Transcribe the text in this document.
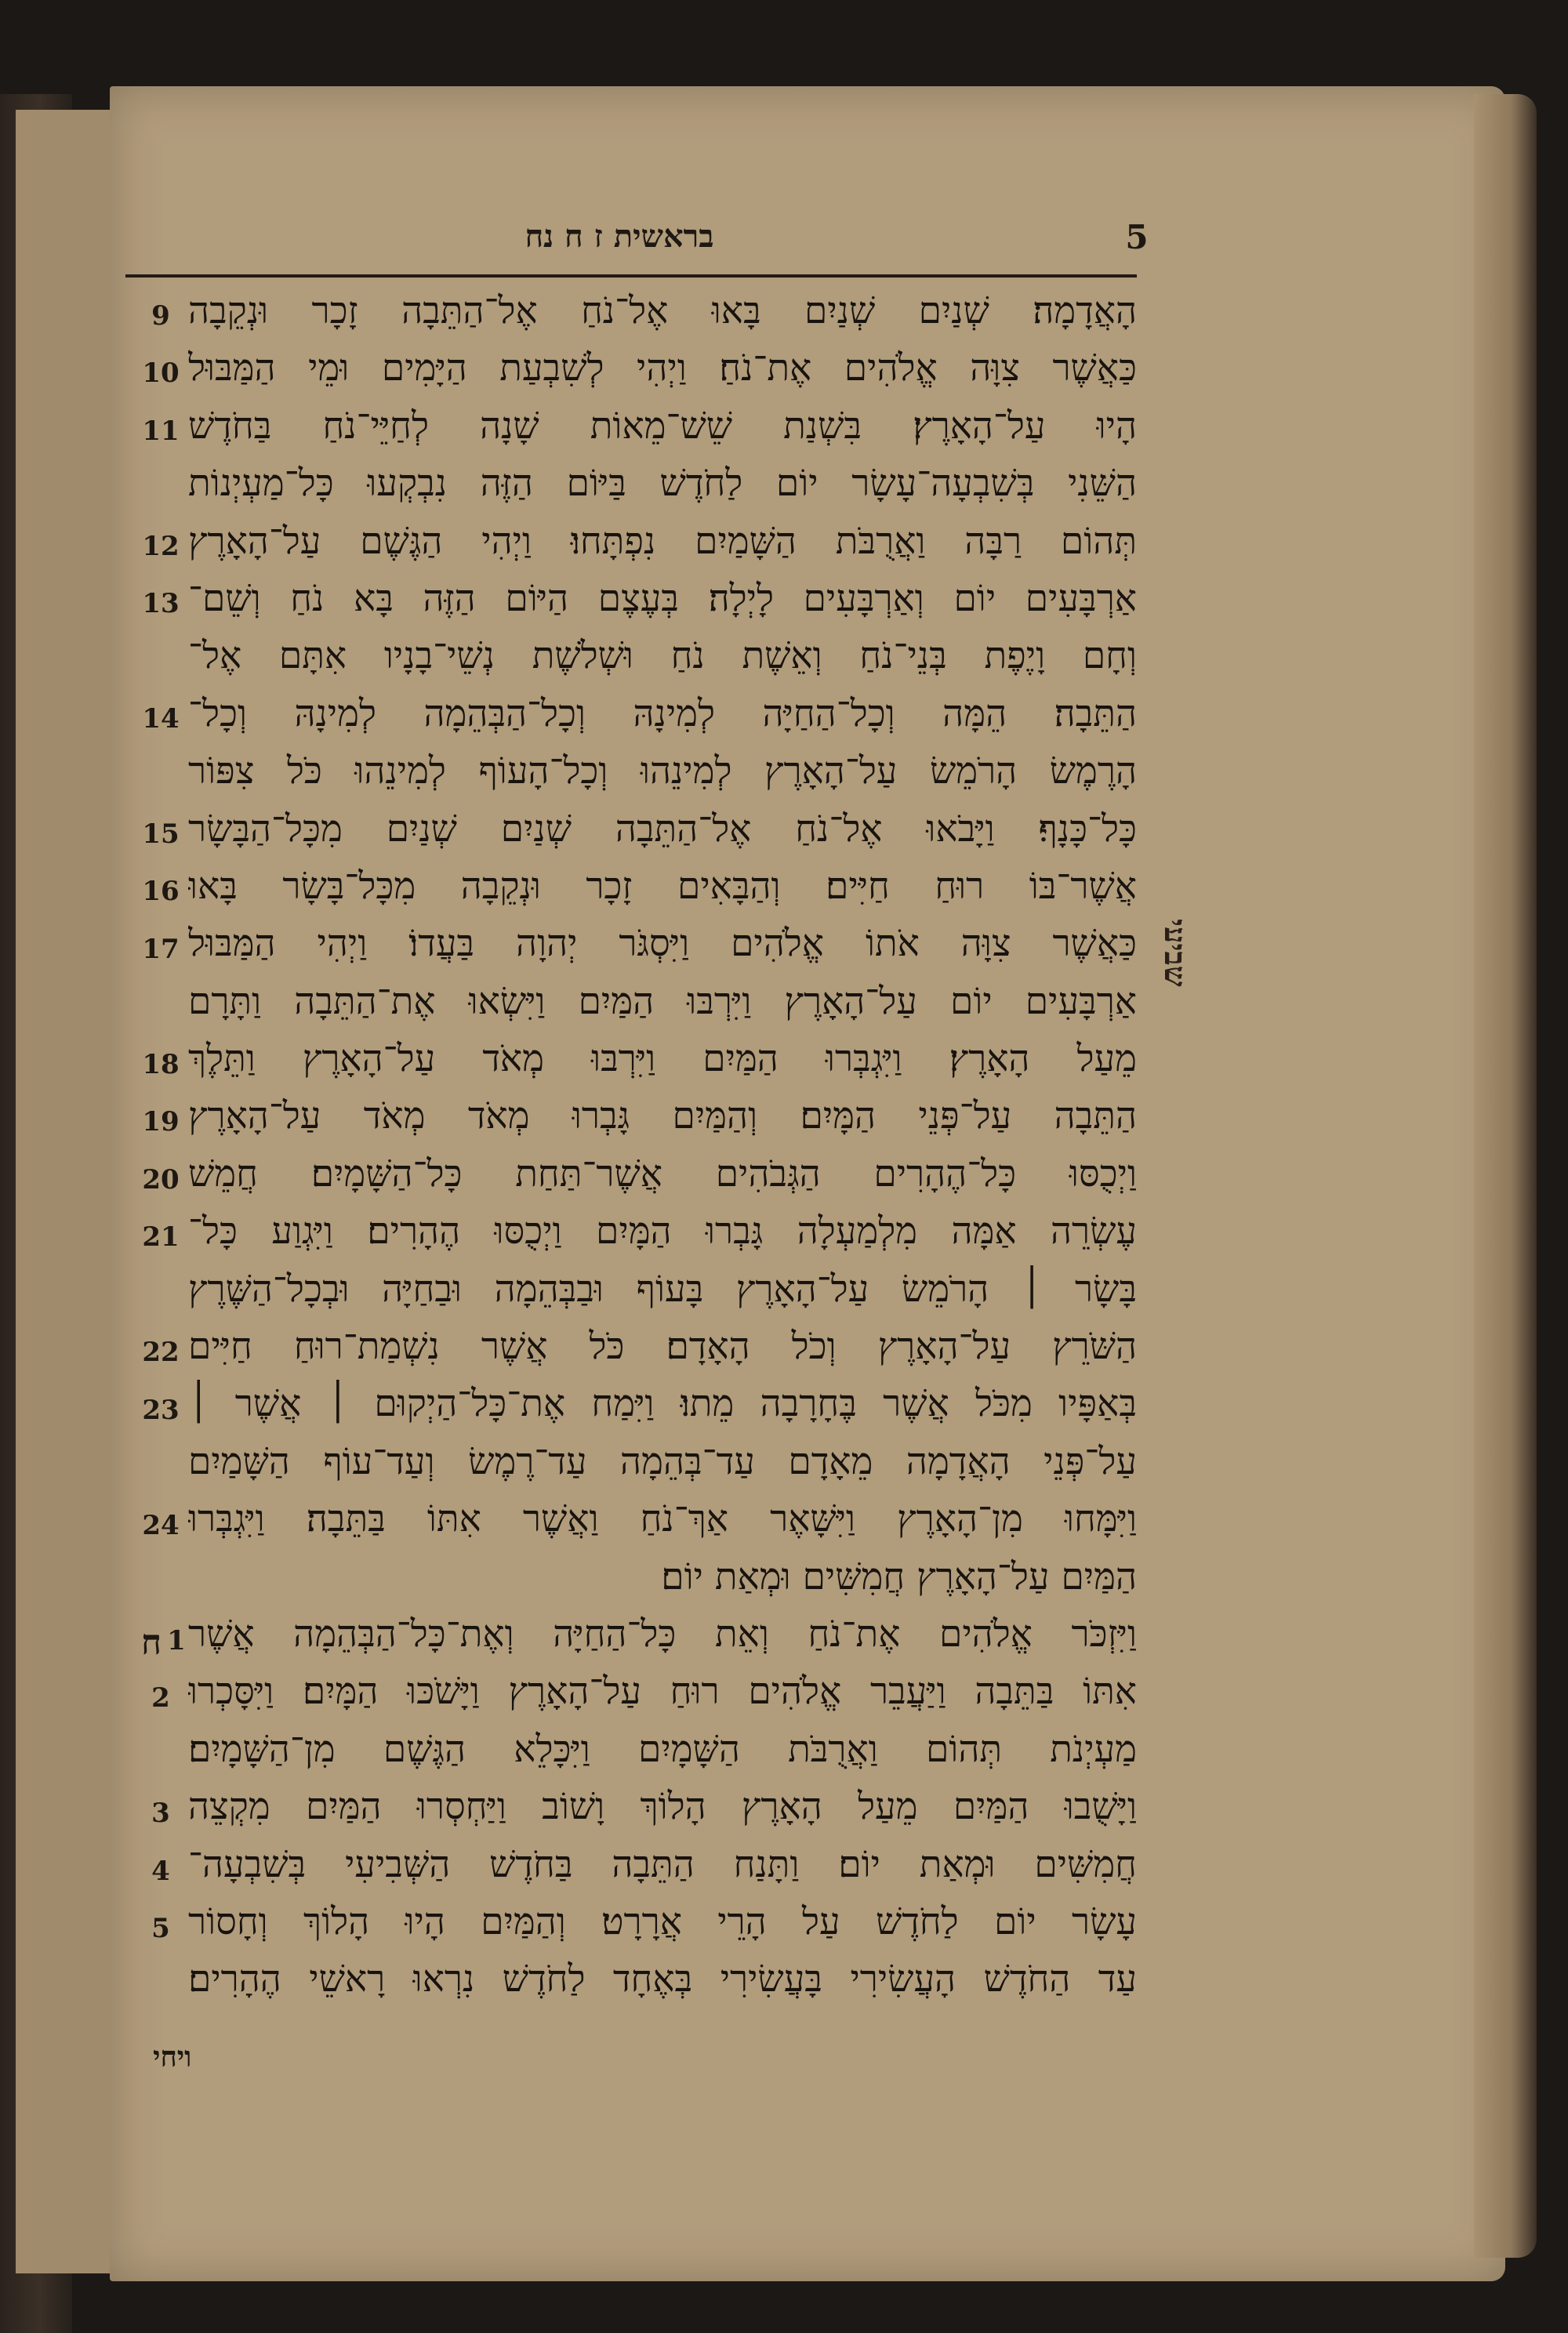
5
בראשית ז ח נח
הָאֲדָמָה׃ שְׁנַיִם שְׁנַיִם בָּאוּ אֶל־נֹחַ אֶל־הַתֵּבָה זָכָר וּנְקֵבָה
כַּאֲשֶׁר צִוָּה אֱלֹהִים אֶת־נֹחַ׃ וַיְהִי לְשִׁבְעַת הַיָּמִים וּמֵי הַמַּבּוּל
הָיוּ עַל־הָאָרֶץ׃ בִּשְׁנַת שֵׁשׁ־מֵאוֹת שָׁנָה לְחַיֵּי־נֹחַ בַּחֹדֶשׁ
הַשֵּׁנִי בְּשִׁבְעָה־עָשָׂר יוֹם לַחֹדֶשׁ בַּיּוֹם הַזֶּה נִבְקְעוּ כָּל־מַעְיְנוֹת
תְּהוֹם רַבָּה וַאֲרֻבֹּת הַשָּׁמַיִם נִפְתָּחוּ׃ וַיְהִי הַגֶּשֶׁם עַל־הָאָרֶץ
אַרְבָּעִים יוֹם וְאַרְבָּעִים לָיְלָה׃ בְּעֶצֶם הַיּוֹם הַזֶּה בָּא נֹחַ וְשֵׁם־
וְחָם וָיֶפֶת בְּנֵי־נֹחַ וְאֵשֶׁת נֹחַ וּשְׁלֹשֶׁת נְשֵׁי־בָנָיו אִתָּם אֶל־
הַתֵּבָה׃ הֵמָּה וְכָל־הַחַיָּה לְמִינָהּ וְכָל־הַבְּהֵמָה לְמִינָהּ וְכָל־
הָרֶמֶשׂ הָרֹמֵשׂ עַל־הָאָרֶץ לְמִינֵהוּ וְכָל־הָעוֹף לְמִינֵהוּ כֹּל צִפּוֹר
כָּל־כָּנָף׃ וַיָּבֹאוּ אֶל־נֹחַ אֶל־הַתֵּבָה שְׁנַיִם שְׁנַיִם מִכָּל־הַבָּשָׂר
אֲשֶׁר־בּוֹ רוּחַ חַיִּים׃ וְהַבָּאִים זָכָר וּנְקֵבָה מִכָּל־בָּשָׂר בָּאוּ
כַּאֲשֶׁר צִוָּה אֹתוֹ אֱלֹהִים וַיִּסְגֹּר יְהוָה בַּעֲדוֹ׃ וַיְהִי הַמַּבּוּל
אַרְבָּעִים יוֹם עַל־הָאָרֶץ וַיִּרְבּוּ הַמַּיִם וַיִּשְׂאוּ אֶת־הַתֵּבָה וַתָּרָם
מֵעַל הָאָרֶץ׃ וַיִּגְבְּרוּ הַמַּיִם וַיִּרְבּוּ מְאֹד עַל־הָאָרֶץ וַתֵּלֶךְ
הַתֵּבָה עַל־פְּנֵי הַמָּיִם׃ וְהַמַּיִם גָּבְרוּ מְאֹד מְאֹד עַל־הָאָרֶץ
וַיְכֻסּוּ כָּל־הֶהָרִים הַגְּבֹהִים אֲשֶׁר־תַּחַת כָּל־הַשָּׁמָיִם׃ חֲמֵשׁ
עֶשְׂרֵה אַמָּה מִלְמַעְלָה גָּבְרוּ הַמָּיִם וַיְכֻסּוּ הֶהָרִים׃ וַיִּגְוַע כָּל־
בָּשָׂר ׀ הָרֹמֵשׂ עַל־הָאָרֶץ בָּעוֹף וּבַבְּהֵמָה וּבַחַיָּה וּבְכָל־הַשֶּׁרֶץ
הַשֹּׁרֵץ עַל־הָאָרֶץ וְכֹל הָאָדָם׃ כֹּל אֲשֶׁר נִשְׁמַת־רוּחַ חַיִּים
בְּאַפָּיו מִכֹּל אֲשֶׁר בֶּחָרָבָה מֵתוּ׃ וַיִּמַח אֶת־כָּל־הַיְקוּם ׀ אֲשֶׁר ׀
עַל־פְּנֵי הָאֲדָמָה מֵאָדָם עַד־בְּהֵמָה עַד־רֶמֶשׂ וְעַד־עוֹף הַשָּׁמַיִם
וַיִּמָּחוּ מִן־הָאָרֶץ וַיִּשָּׁאֶר אַךְ־נֹחַ וַאֲשֶׁר אִתּוֹ בַּתֵּבָה׃ וַיִּגְבְּרוּ
הַמַּיִם עַל־הָאָרֶץ חֲמִשִּׁים וּמְאַת יוֹם׃
וַיִּזְכֹּר אֱלֹהִים אֶת־נֹחַ וְאֵת כָּל־הַחַיָּה וְאֶת־כָּל־הַבְּהֵמָה אֲשֶׁר
אִתּוֹ בַּתֵּבָה וַיַּעֲבֵר אֱלֹהִים רוּחַ עַל־הָאָרֶץ וַיָּשֹׁכּוּ הַמָּיִם׃ וַיִּסָּכְרוּ
מַעְיְנֹת תְּהוֹם וַאֲרֻבֹּת הַשָּׁמָיִם וַיִּכָּלֵא הַגֶּשֶׁם מִן־הַשָּׁמָיִם׃
וַיָּשֻׁבוּ הַמַּיִם מֵעַל הָאָרֶץ הָלוֹךְ וָשׁוֹב וַיַּחְסְרוּ הַמַּיִם מִקְצֵה
חֲמִשִּׁים וּמְאַת יוֹם׃ וַתָּנַח הַתֵּבָה בַּחֹדֶשׁ הַשְּׁבִיעִי בְּשִׁבְעָה־
עָשָׂר יוֹם לַחֹדֶשׁ עַל הָרֵי אֲרָרָט׃ וְהַמַּיִם הָיוּ הָלוֹךְ וְחָסוֹר
עַד הַחֹדֶשׁ הָעֲשִׂירִי בָּעֲשִׂירִי בְּאֶחָד לַחֹדֶשׁ נִרְאוּ רָאשֵׁי הֶהָרִים׃
9
10
11
12
13
14
15
16
17
18
19
20
21
22
23
24
ח 1
2
3
4
5
שביעי
ויחי
